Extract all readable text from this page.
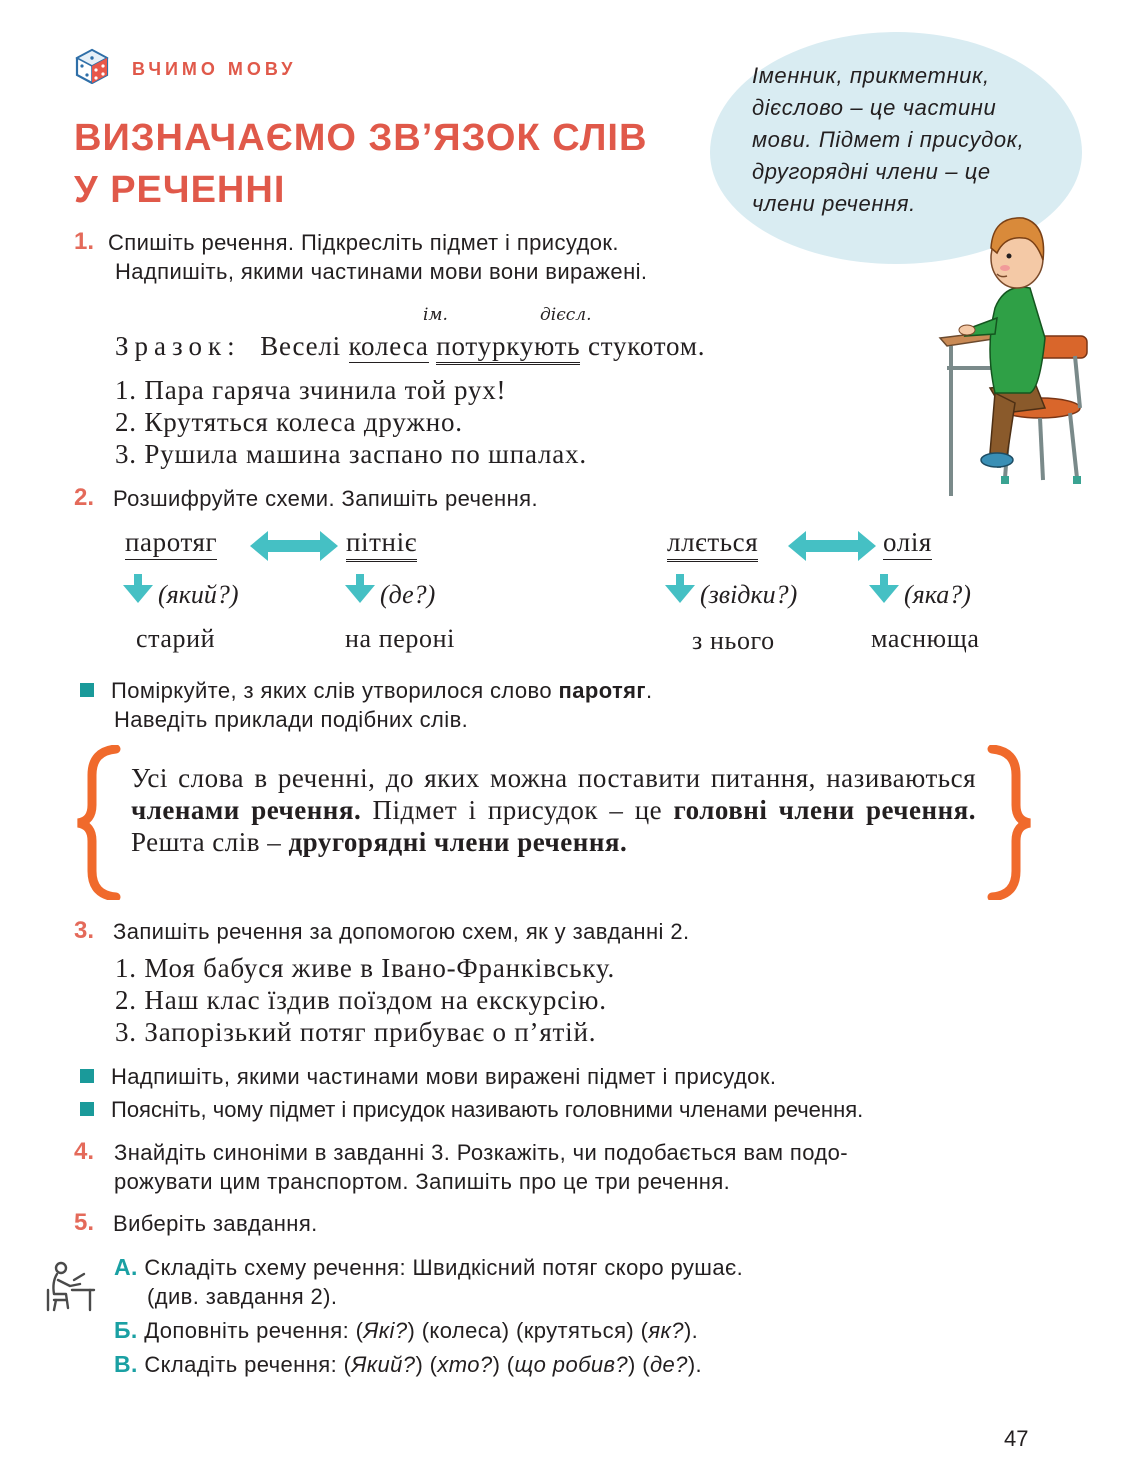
ВЧИМО МОВУ
ВИЗНАЧАЄМО ЗВ’ЯЗОК СЛІВ
У РЕЧЕННІ
Іменник, прикметник,
дієслово – це частини
мови. Підмет і присудок,
другорядні члени – це
члени речення.
1. Спишіть речення. Підкресліть підмет і присудок.
Надпишіть, якими частинами мови вони виражені.
ім.	дієсл.
Зразок: Веселі колеса потуркують стукотом.
1. Пара гаряча зчинила той рух!
2. Крутяться колеса дружно.
3. Рушила машина заспано по шпалах.
2. Розшифруйте схеми. Запишіть речення.
паротяг	пітніє
(який?)	(де?)
старий	на пероні
ллється	олія
(звідки?)	(яка?)
з нього	маснюща
Поміркуйте, з яких слів утворилося слово паротяг.
Наведіть приклади подібних слів.
Усі слова в реченні, до яких можна поставити питання, називаються членами речення. Підмет і присудок – це головні члени речення. Решта слів – другорядні члени речення.
3. Запишіть речення за допомогою схем, як у завданні 2.
1. Моя бабуся живе в Івано-Франківську.
2. Наш клас їздив поїздом на екскурсію.
3. Запорізький потяг прибуває о п’ятій.
Надпишіть, якими частинами мови виражені підмет і присудок.
Поясніть, чому підмет і присудок називають головними членами речення.
4. Знайдіть синоніми в завданні 3. Розкажіть, чи подобається вам подо-
рожувати цим транспортом. Запишіть про це три речення.
5. Виберіть завдання.
А. Складіть схему речення: Швидкісний потяг скоро рушає.
(див. завдання 2).
Б. Доповніть речення: (Які?) (колеса) (крутяться) (як?).
В. Складіть речення: (Який?) (хто?) (що робив?) (де?).
47
